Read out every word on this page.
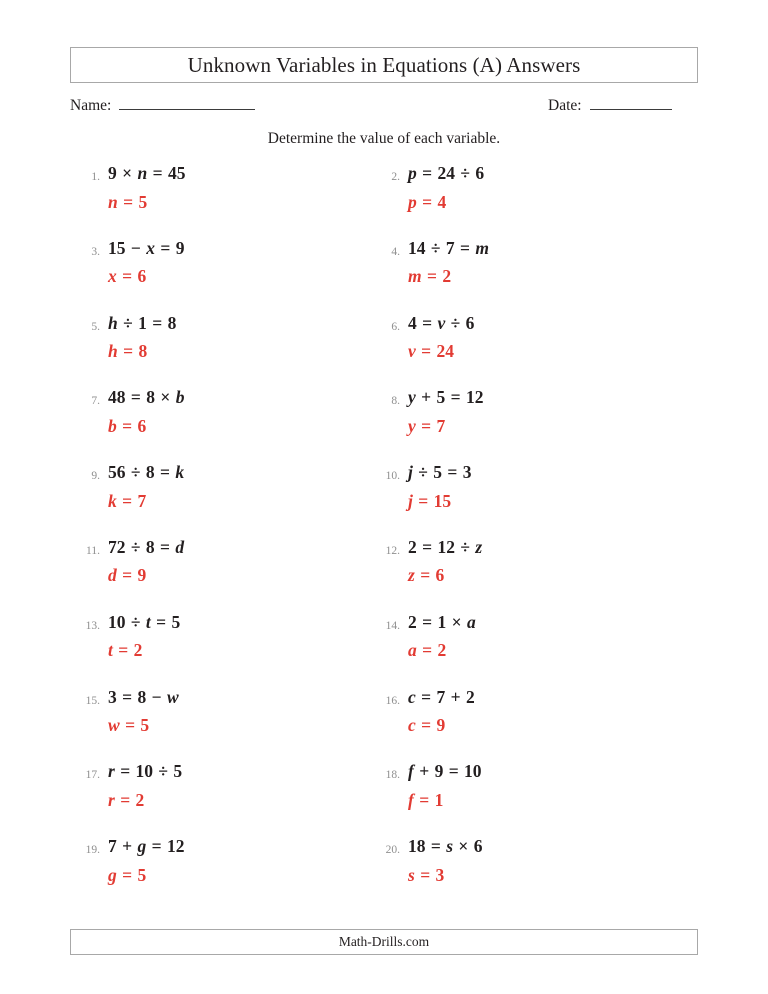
Unknown Variables in Equations (A) Answers
Name:	Date:
Determine the value of each variable.
1. 9 × n = 45
n = 5
2. p = 24 ÷ 6
p = 4
3. 15 − x = 9
x = 6
4. 14 ÷ 7 = m
m = 2
5. h ÷ 1 = 8
h = 8
6. 4 = v ÷ 6
v = 24
7. 48 = 8 × b
b = 6
8. y + 5 = 12
y = 7
9. 56 ÷ 8 = k
k = 7
10. j ÷ 5 = 3
j = 15
11. 72 ÷ 8 = d
d = 9
12. 2 = 12 ÷ z
z = 6
13. 10 ÷ t = 5
t = 2
14. 2 = 1 × a
a = 2
15. 3 = 8 − w
w = 5
16. c = 7 + 2
c = 9
17. r = 10 ÷ 5
r = 2
18. f + 9 = 10
f = 1
19. 7 + g = 12
g = 5
20. 18 = s × 6
s = 3
Math-Drills.com
